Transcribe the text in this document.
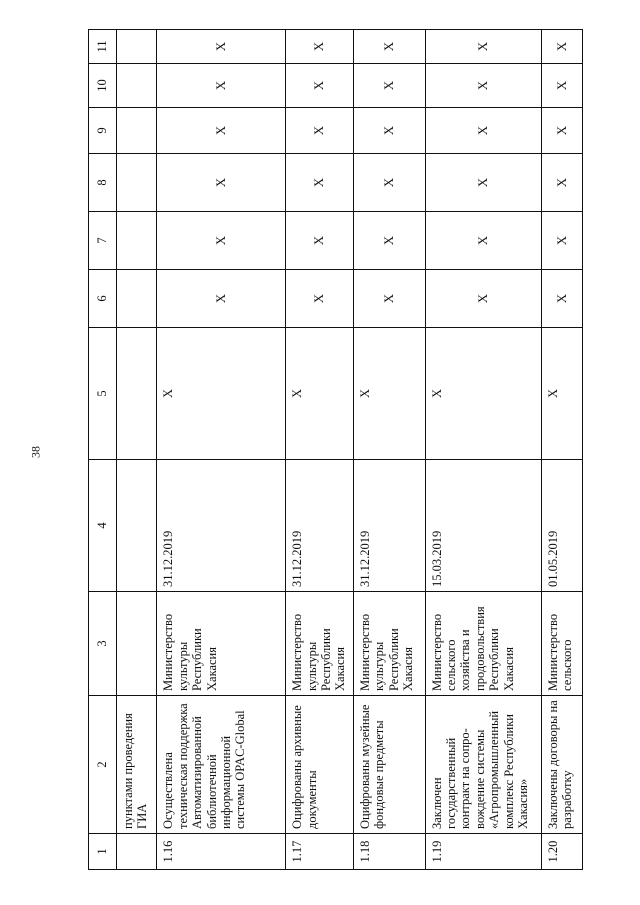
38
1	2	3	4	5	6	7	8	9	10	11
	пунктами проведения ГИА									
1.16	Осуществлена техническая поддержка Автоматизированной библиотечной информационной системы OPAC-Global	Министерство культуры Республики Хакасия	31.12.2019	X	X	X	X	X	X	X
1.17	Оцифрованы архивные документы	Министерство культуры Республики Хакасия	31.12.2019	X	X	X	X	X	X	X
1.18	Оцифрованы музейные фондовые предметы	Министерство культуры Республики Хакасия	31.12.2019	X	X	X	X	X	X	X
1.19	Заключен государственный контракт на сопро-вождение системы «Агропромышленный комплекс Республики Хакасия»	Министерство сельского хозяйства и продовольствия Республики Хакасия	15.03.2019	X	X	X	X	X	X	X
1.20	Заключены договоры на разработку	Министерство сельского	01.05.2019	X	X	X	X	X	X	X
